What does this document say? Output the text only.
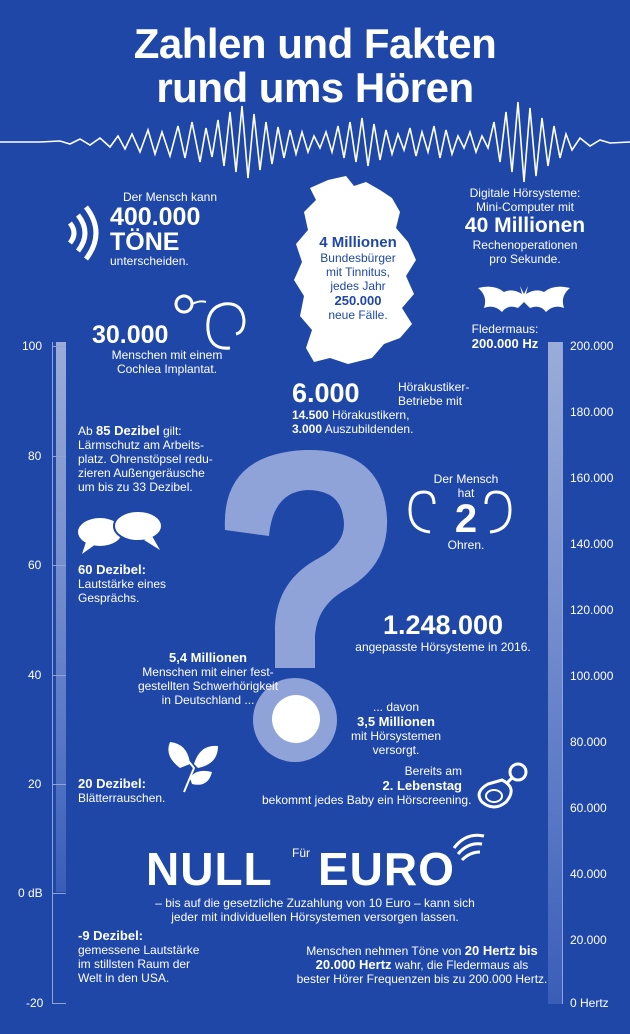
Zahlen und Fakten
rund ums Hören
100
80
60
40
20
0 dB
-20
200.000
180.000
160.000
140.000
120.000
100.000
80.000
60.000
40.000
20.000
0 Hertz
4 Millionen
Bundesbürger
mit Tinnitus,
jedes Jahr
250.000
neue Fälle.
Der Mensch kann
400.000
TÖNE
unterscheiden.
Digitale Hörsysteme:
Mini-Computer mit
40 Millionen
Rechenoperationen
pro Sekunde.
Fledermaus:
200.000 Hz
30.000
Menschen mit einem
Cochlea Implantat.
6.000	Hörakustiker-
Betriebe mit
14.500 Hörakustikern,
3.000 Auszubildenden.
Ab 85 Dezibel gilt:
Lärmschutz am Arbeits-
platz. Ohrenstöpsel redu-
zieren Außengeräusche
um bis zu 33 Dezibel.
60 Dezibel:
Lautstärke eines
Gesprächs.
Der Mensch
hat
2
Ohren.
1.248.000
angepasste Hörsysteme in 2016.
5,4 Millionen
Menschen mit einer fest-
gestellten Schwerhörigkeit
in Deutschland ...	... davon
3,5 Millionen
mit Hörsystemen versorgt.
20 Dezibel:
Blätterrauschen.
Bereits am
2. Lebenstag
bekommt jedes Baby ein Hörscreening.
NULL Für EURO
– bis auf die gesetzliche Zuzahlung von 10 Euro – kann sich
jeder mit individuellen Hörsystemen versorgen lassen.
-9 Dezibel:
gemessene Lautstärke
im stillsten Raum der
Welt in den USA.
Menschen nehmen Töne von 20 Hertz bis
20.000 Hertz wahr, die Fledermaus als
bester Hörer Frequenzen bis zu 200.000 Hertz.
